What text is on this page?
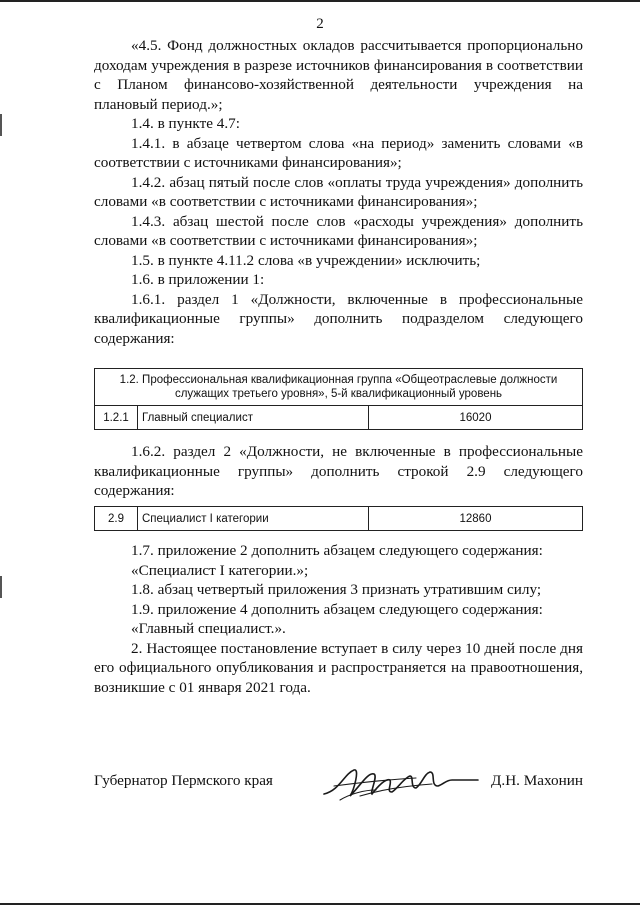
2

«4.5. Фонд должностных окладов рассчитывается пропорционально доходам учреждения в разрезе источников финансирования в соответствии с Планом финансово-хозяйственной деятельности учреждения на плановый период.»;

1.4. в пункте 4.7:

1.4.1. в абзаце четвертом слова «на период» заменить словами «в соответствии с источниками финансирования»;

1.4.2. абзац пятый после слов «оплаты труда учреждения» дополнить словами «в соответствии с источниками финансирования»;

1.4.3. абзац шестой после слов «расходы учреждения» дополнить словами «в соответствии с источниками финансирования»;

1.5. в пункте 4.11.2 слова «в учреждении» исключить;

1.6. в приложении 1:

1.6.1. раздел 1 «Должности, включенные в профессиональные квалификационные группы» дополнить подразделом следующего содержания:

1.2. Профессиональная квалификационная группа «Общеотраслевые должности служащих третьего уровня», 5-й квалификационный уровень
1.2.1	Главный специалист	16020

1.6.2. раздел 2 «Должности, не включенные в профессиональные квалификационные группы» дополнить строкой 2.9 следующего содержания:

2.9	Специалист I категории	12860

1.7. приложение 2 дополнить абзацем следующего содержания:

«Специалист I категории.»;

1.8. абзац четвертый приложения 3 признать утратившим силу;

1.9. приложение 4 дополнить абзацем следующего содержания:

«Главный специалист.».

2. Настоящее постановление вступает в силу через 10 дней после дня его официального опубликования и распространяется на правоотношения, возникшие с 01 января 2021 года.

Губернатор Пермского края	Д.Н. Махонин
